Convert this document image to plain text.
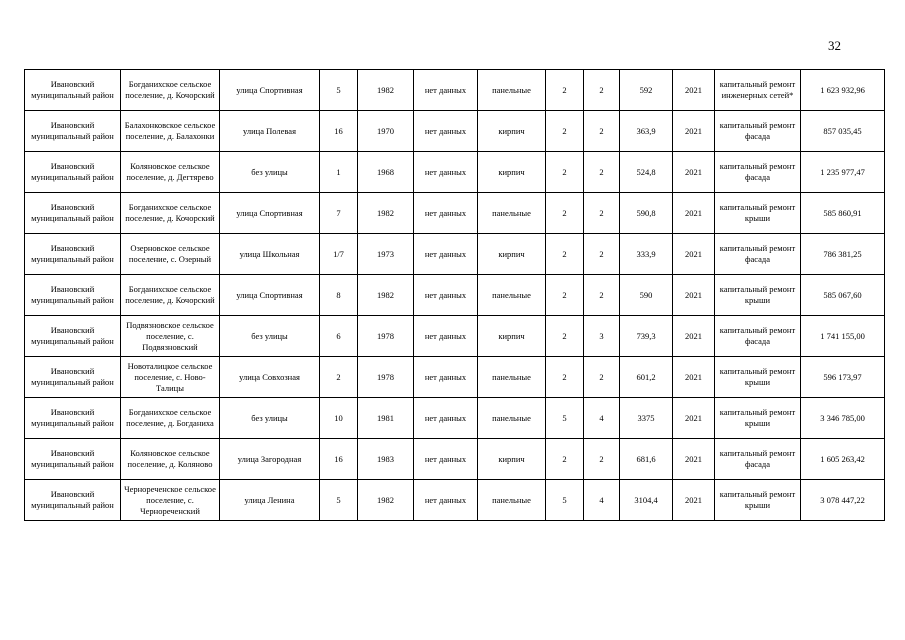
32
Ивановский муниципальный район	Богданихское сельское поселение, д. Кочорский	улица Спортивная	5	1982	нет данных	панельные	2	2	592	2021	капитальный ремонт инженерных сетей*	1 623 932,96
Ивановский муниципальный район	Балахонковское сельское поселение, д. Балахонки	улица Полевая	16	1970	нет данных	кирпич	2	2	363,9	2021	капитальный ремонт фасада	857 035,45
Ивановский муниципальный район	Коляновское сельское поселение, д. Дегтярево	без улицы	1	1968	нет данных	кирпич	2	2	524,8	2021	капитальный ремонт фасада	1 235 977,47
Ивановский муниципальный район	Богданихское сельское поселение, д. Кочорский	улица Спортивная	7	1982	нет данных	панельные	2	2	590,8	2021	капитальный ремонт крыши	585 860,91
Ивановский муниципальный район	Озерновское сельское поселение, с. Озерный	улица Школьная	1/7	1973	нет данных	кирпич	2	2	333,9	2021	капитальный ремонт фасада	786 381,25
Ивановский муниципальный район	Богданихское сельское поселение, д. Кочорский	улица Спортивная	8	1982	нет данных	панельные	2	2	590	2021	капитальный ремонт крыши	585 067,60
Ивановский муниципальный район	Подвязновское сельское поселение, с. Подвязновский	без улицы	6	1978	нет данных	кирпич	2	3	739,3	2021	капитальный ремонт фасада	1 741 155,00
Ивановский муниципальный район	Новоталицкое сельское поселение, с. Ново-Талицы	улица Совхозная	2	1978	нет данных	панельные	2	2	601,2	2021	капитальный ремонт крыши	596 173,97
Ивановский муниципальный район	Богданихское сельское поселение, д. Богданиха	без улицы	10	1981	нет данных	панельные	5	4	3375	2021	капитальный ремонт крыши	3 346 785,00
Ивановский муниципальный район	Коляновское сельское поселение, д. Коляново	улица Загородная	16	1983	нет данных	кирпич	2	2	681,6	2021	капитальный ремонт фасада	1 605 263,42
Ивановский муниципальный район	Чернореченское сельское поселение, с. Чернореченский	улица Ленина	5	1982	нет данных	панельные	5	4	3104,4	2021	капитальный ремонт крыши	3 078 447,22
